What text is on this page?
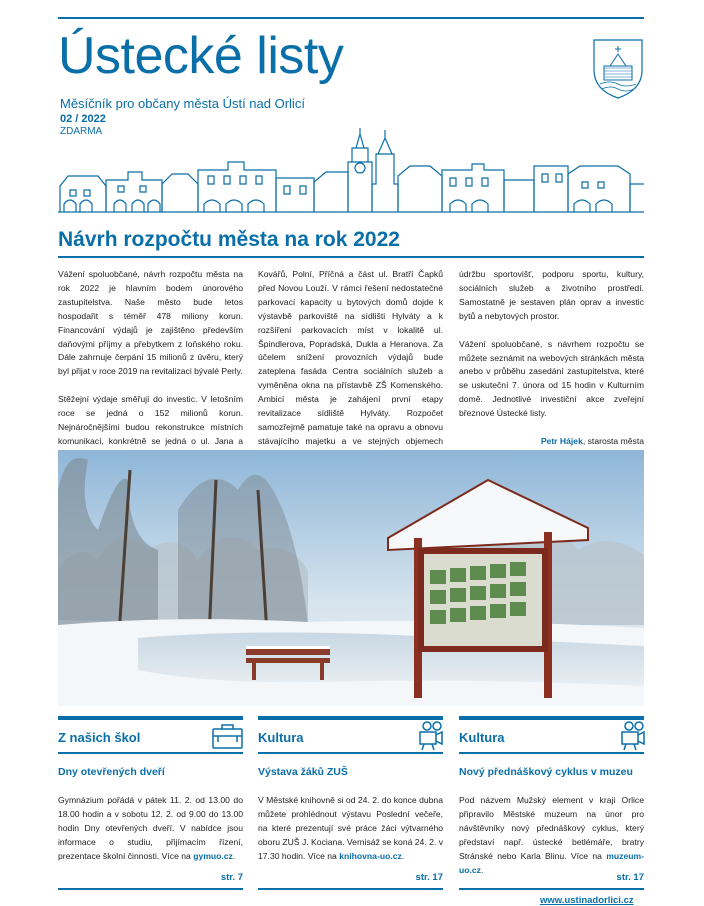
Ústecké listy
Měsíčník pro občany města Ústí nad Orlicí
02 / 2022
ZDARMA
Návrh rozpočtu města na rok 2022

Vážení spoluobčané, návrh rozpočtu města na rok 2022 je hlavním bodem únorového zastupitelstva. Naše město bude letos hospodařit s téměř 478 miliony korun. Financování výdajů je zajištěno především daňovými příjmy a přebytkem z loňského roku. Dále zahrnuje čerpání 15 milionů z úvěru, který byl přijat v roce 2019 na revitalizaci bývalé Perly.

Stěžejní výdaje směřují do investic. V letošním roce se jedná o 152 milionů korun. Nejnáročnějšími budou rekonstrukce místních komunikací, konkrétně se jedná o ul. Jana a

Kovářů, Polní, Příčná a část ul. Bratří Čapků před Novou Louží. V rámci řešení nedostatečné parkovací kapacity u bytových domů dojde k výstavbě parkoviště na sídlišti Hylváty a k rozšíření parkovacích míst v lokalitě ul. Špindlerova, Popradská, Dukla a Heranova. Za účelem snížení provozních výdajů bude zateplena fasáda Centra sociálních služeb a vyměněna okna na přístavbě ZŠ Komenského. Ambicí města je zahájení první etapy revitalizace sídliště Hylváty. Rozpočet samozřejmě pamatuje také na opravu a obnovu stávajícího majetku a ve stejných objemech

údržbu sportovišť, podporu sportu, kultury, sociálních služeb a životního prostředí. Samostatně je sestaven plán oprav a investic bytů a nebytových prostor.

Vážení spoluobčané, s návrhem rozpočtu se můžete seznámit na webových stránkách města anebo v průběhu zasedání zastupitelstva, které se uskuteční 7. února od 15 hodin v Kulturním domě. Jednotlivé investiční akce zveřejní březnové Ústecké listy.

Petr Hájek, starosta města
Z našich škol	Kultura	Kultura
Dny otevřených dveří	Výstava žáků ZUŠ	Nový přednáškový cyklus v muzeu
Gymnázium pořádá v pátek 11. 2. od 13.00 do 18.00 hodin a v sobotu 12. 2. od 9.00 do 13.00 hodin Dny otevřených dveří. V nabídce jsou informace o studiu, přijímacím řízení, prezentace školní činnosti. Více na gymuo.cz.
V Městské knihovně si od 24. 2. do konce dubna můžete prohlédnout výstavu Poslední večeře, na které prezentují své práce žáci výtvarného oboru ZUŠ J. Kociana. Vernisáž se koná 24. 2. v 17.30 hodin. Více na knihovna-uo.cz.
Pod názvem Mužský element v kraji Orlice připravilo Městské muzeum na únor pro návštěvníky nový přednáškový cyklus, který představí např. ústecké betlémáře, bratry Stránské nebo Karla Blinu. Více na muzeum-uo.cz.
str. 7	str. 17	str. 17
www.ustinadorlici.cz
